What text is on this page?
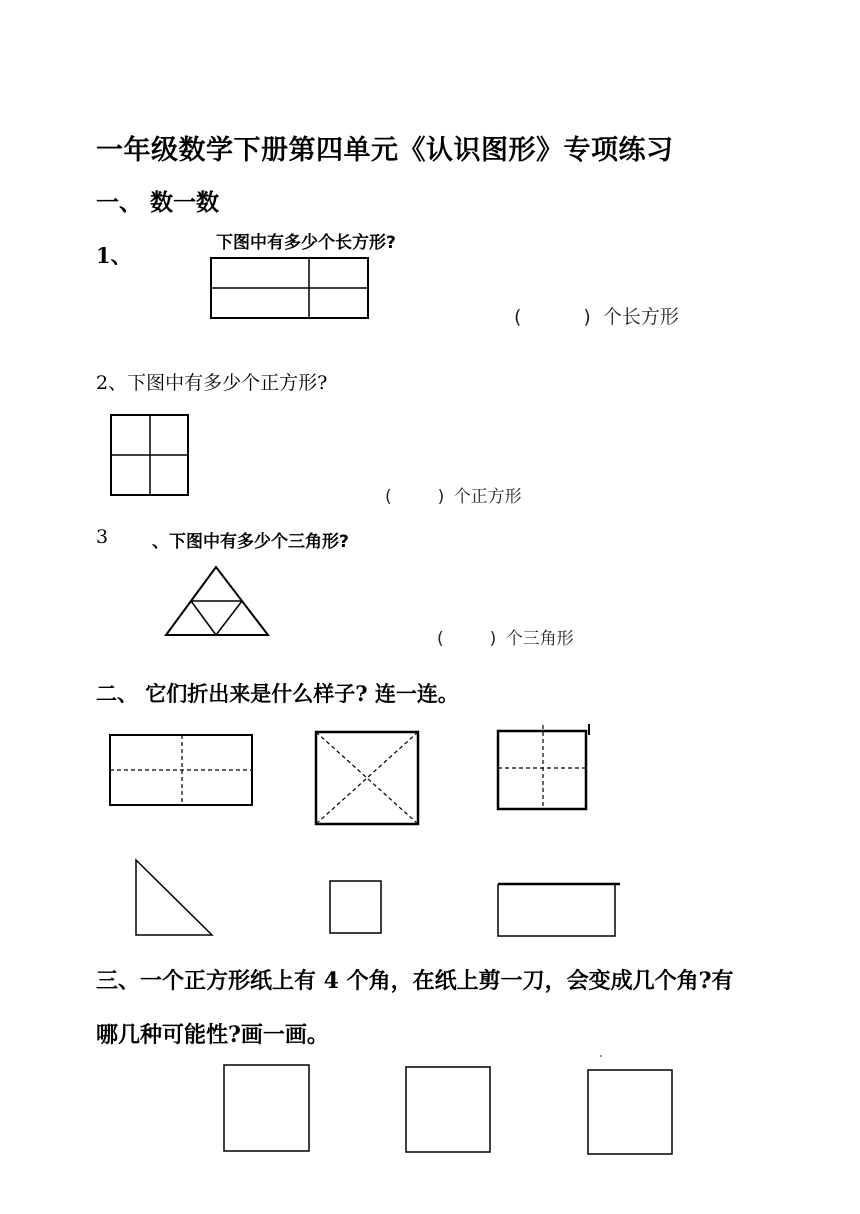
一年级数学下册第四单元《认识图形》专项练习
一、 数一数
1、	下图中有多少个长方形?
(	) 个长方形
2、下图中有多少个正方形?
(	) 个正方形
3	、下图中有多少个三角形?
(	) 个三角形
二、 它们折出来是什么样子? 连一连。
三、一个正方形纸上有 4 个角，在纸上剪一刀，会变成几个角?有
哪几种可能性?画一画。
